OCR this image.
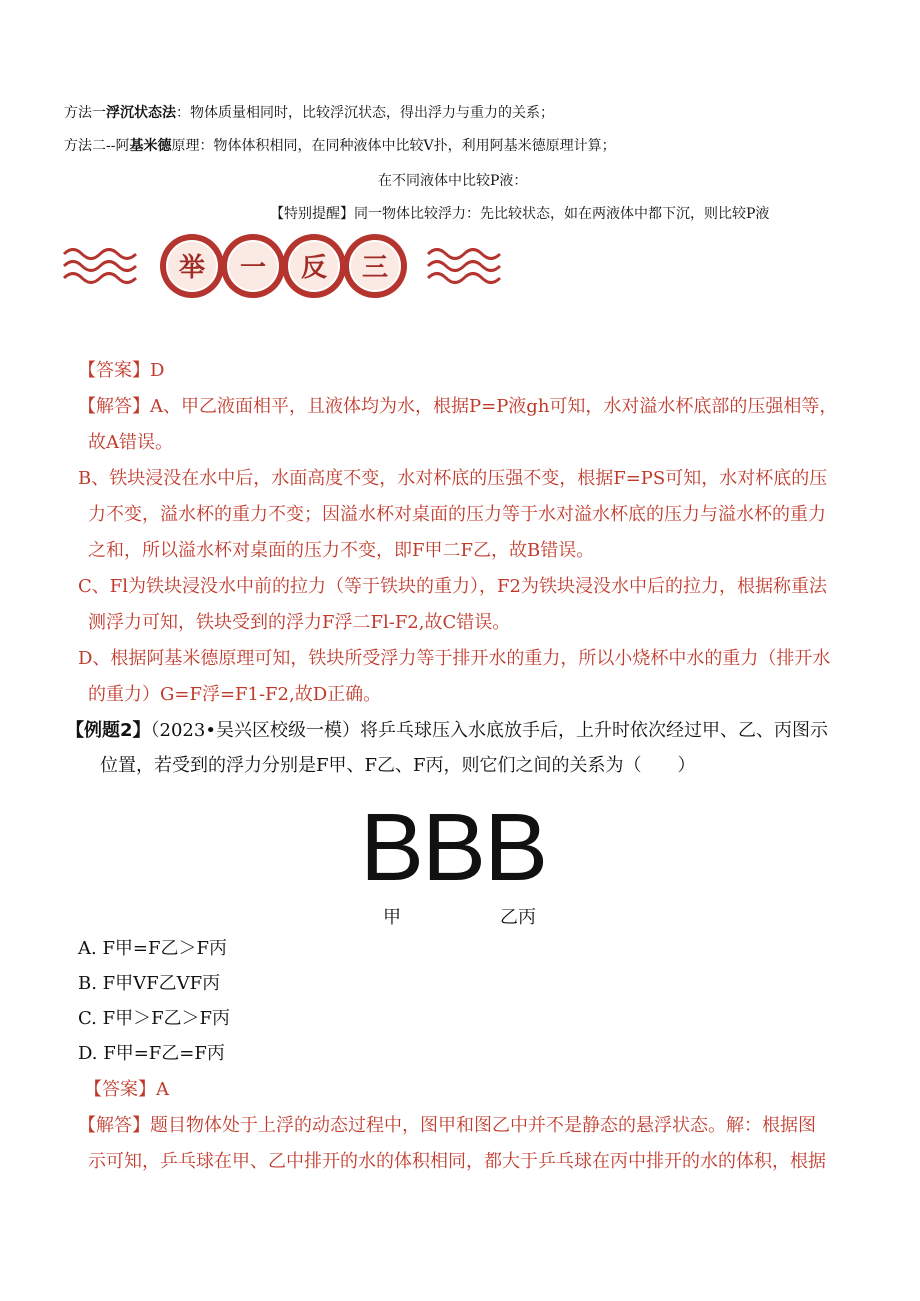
方法一浮沉状态法：物体质量相同时，比较浮沉状态，得出浮力与重力的关系；
方法二--阿基米德原理：物体体积相同，在同种液体中比较V扑，利用阿基米德原理计算；
在不同液体中比较P液：
【特别提醒】同一物体比较浮力：先比较状态，如在两液体中都下沉，则比较P液
举 一 反 三
【答案】D
【解答】A、甲乙液面相平，且液体均为水，根据P=P液gh可知，水对溢水杯底部的压强相等，
故A错误。
B、铁块浸没在水中后，水面高度不变，水对杯底的压强不变，根据F=PS可知，水对杯底的压
力不变，溢水杯的重力不变；因溢水杯对桌面的压力等于水对溢水杯底的压力与溢水杯的重力
之和，所以溢水杯对桌面的压力不变，即F甲二F乙，故B错误。
C、Fl为铁块浸没水中前的拉力（等于铁块的重力），F2为铁块浸没水中后的拉力，根据称重法
测浮力可知，铁块受到的浮力F浮二Fl-F2,故C错误。
D、根据阿基米德原理可知，铁块所受浮力等于排开水的重力，所以小烧杯中水的重力（排开水
的重力）G=F浮=F1-F2,故D正确。
【例题2】（2023•吴兴区校级一模）将乒乓球压入水底放手后，上升时依次经过甲、乙、丙图示
位置，若受到的浮力分别是F甲、F乙、F丙，则它们之间的关系为（　　）
BBB
甲	乙丙
A. F甲=F乙＞F丙
B. F甲VF乙VF丙
C. F甲＞F乙＞F丙
D. F甲=F乙=F丙
【答案】A
【解答】题目物体处于上浮的动态过程中，图甲和图乙中并不是静态的悬浮状态。解：根据图
示可知，乒乓球在甲、乙中排开的水的体积相同，都大于乒乓球在丙中排开的水的体积，根据
